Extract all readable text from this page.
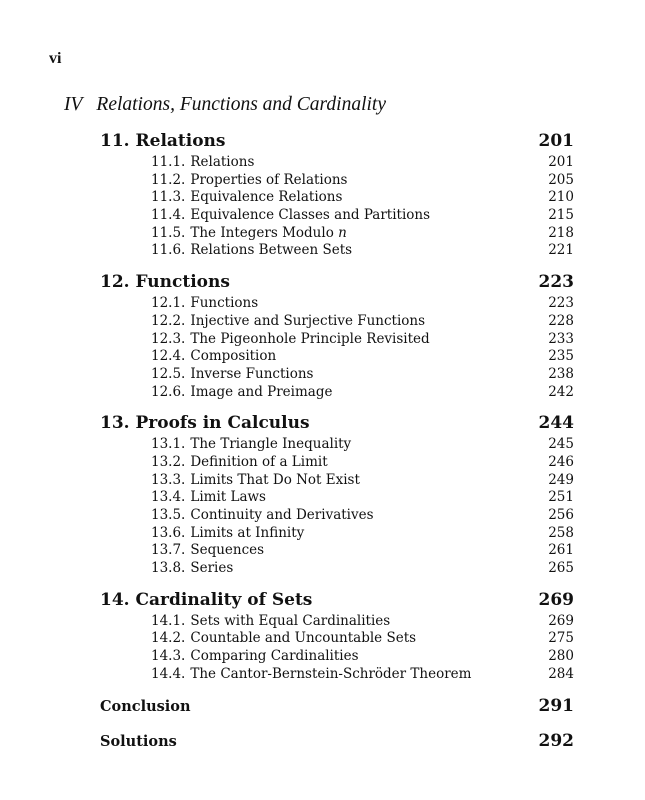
vi
IV Relations, Functions and Cardinality
11. Relations	201
11.1. Relations	201
11.2. Properties of Relations	205
11.3. Equivalence Relations	210
11.4. Equivalence Classes and Partitions	215
11.5. The Integers Modulo n	218
11.6. Relations Between Sets	221
12. Functions	223
12.1. Functions	223
12.2. Injective and Surjective Functions	228
12.3. The Pigeonhole Principle Revisited	233
12.4. Composition	235
12.5. Inverse Functions	238
12.6. Image and Preimage	242
13. Proofs in Calculus	244
13.1. The Triangle Inequality	245
13.2. Definition of a Limit	246
13.3. Limits That Do Not Exist	249
13.4. Limit Laws	251
13.5. Continuity and Derivatives	256
13.6. Limits at Infinity	258
13.7. Sequences	261
13.8. Series	265
14. Cardinality of Sets	269
14.1. Sets with Equal Cardinalities	269
14.2. Countable and Uncountable Sets	275
14.3. Comparing Cardinalities	280
14.4. The Cantor-Bernstein-Schröder Theorem	284
Conclusion	291
Solutions	292
